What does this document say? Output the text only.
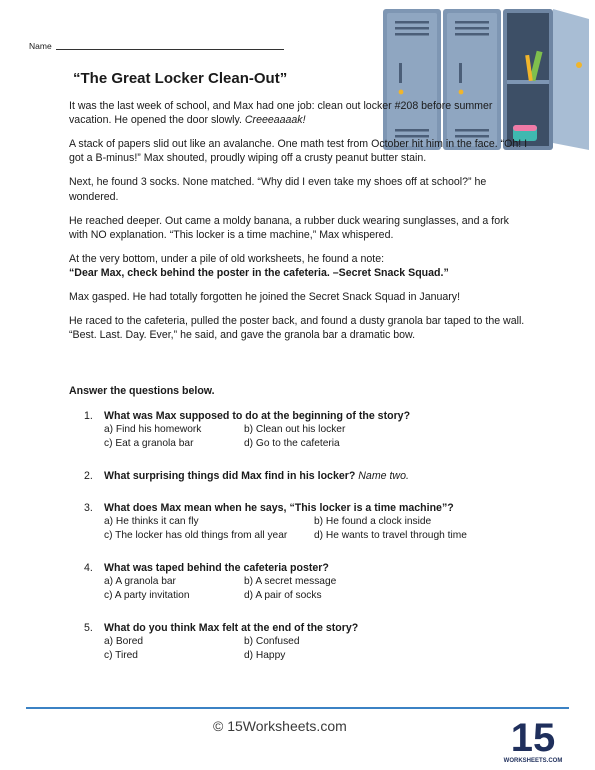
Name
“The Great Locker Clean-Out”

It was the last week of school, and Max had one job: clean out locker #208 before summer vacation. He opened the door slowly. Creeeaaaak!

A stack of papers slid out like an avalanche. One math test from October hit him in the face. “Oh! I got a B-minus!” Max shouted, proudly wiping off a crusty peanut butter stain.

Next, he found 3 socks. None matched. “Why did I even take my shoes off at school?” he wondered.

He reached deeper. Out came a moldy banana, a rubber duck wearing sunglasses, and a fork with NO explanation. “This locker is a time machine,” Max whispered.

At the very bottom, under a pile of old worksheets, he found a note:
“Dear Max, check behind the poster in the cafeteria. –Secret Snack Squad.”

Max gasped. He had totally forgotten he joined the Secret Snack Squad in January!

He raced to the cafeteria, pulled the poster back, and found a dusty granola bar taped to the wall. “Best. Last. Day. Ever,” he said, and gave the granola bar a dramatic bow.

Answer the questions below.

1. What was Max supposed to do at the beginning of the story?

a) Find his homework	b) Clean out his locker
c) Eat a granola bar	d) Go to the cafeteria

2. What surprising things did Max find in his locker? Name two.

3. What does Max mean when he says, “This locker is a time machine”?

a) He thinks it can fly	b) He found a clock inside
c) The locker has old things from all year	d) He wants to travel through time

4. What was taped behind the cafeteria poster?

a) A granola bar	b) A secret message
c) A party invitation	d) A pair of socks

5. What do you think Max felt at the end of the story?

a) Bored	b) Confused
c) Tired	d) Happy
© 15Worksheets.com	15
WORKSHEETS.COM
